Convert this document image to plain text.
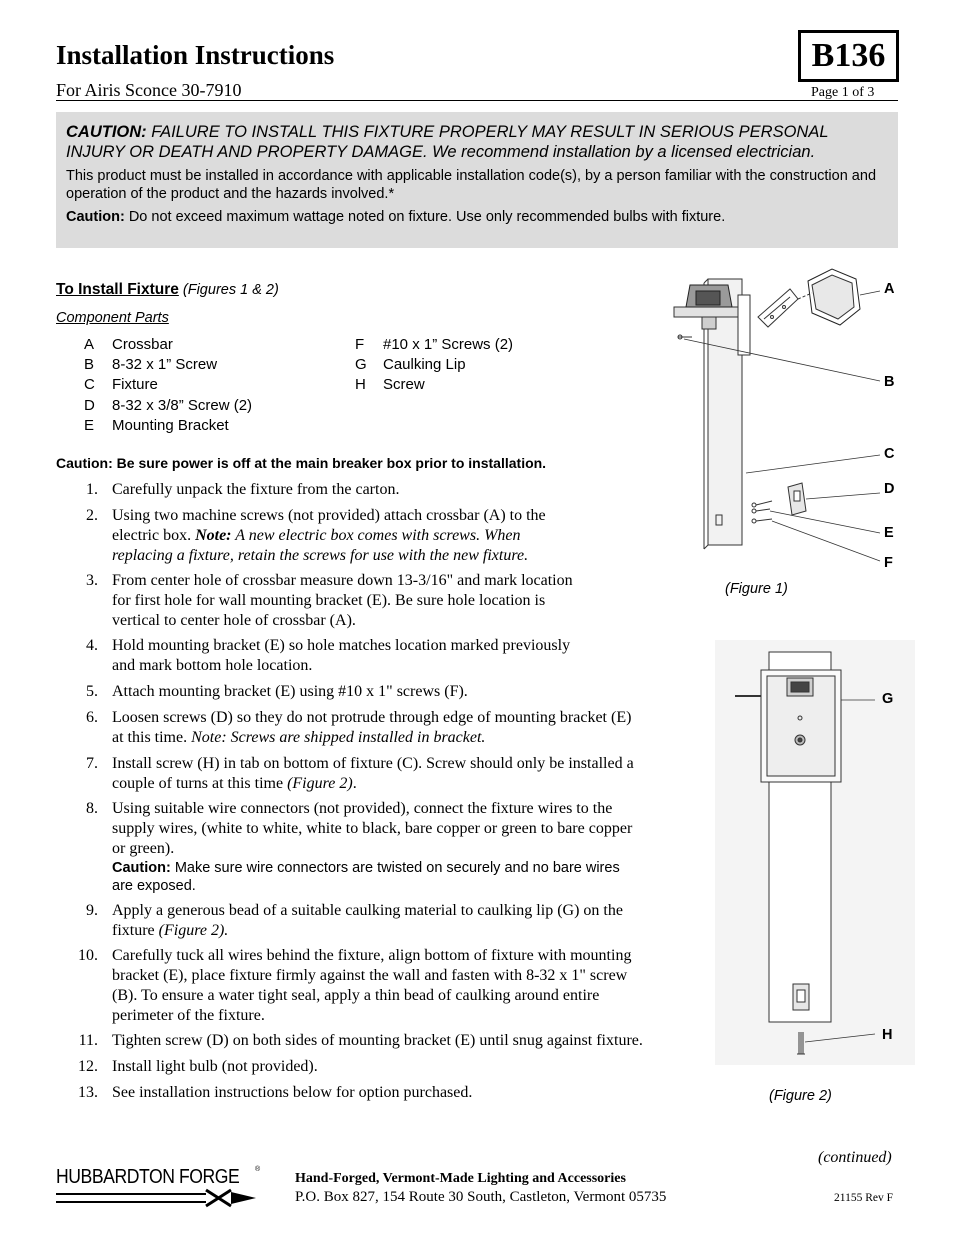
Installation Instructions	B136
For Airis Sconce 30-7910	Page 1 of 3
CAUTION: FAILURE TO INSTALL THIS FIXTURE PROPERLY MAY RESULT IN SERIOUS PERSONAL INJURY OR DEATH AND PROPERTY DAMAGE. We recommend installation by a licensed electrician.
This product must be installed in accordance with applicable installation code(s), by a person familiar with the construction and operation of the product and the hazards involved.*
Caution: Do not exceed maximum wattage noted on fixture. Use only recommended bulbs with fixture.
To Install Fixture (Figures 1 & 2)
Component Parts
A Crossbar
B 8-32 x 1” Screw
C Fixture
D 8-32 x 3/8” Screw (2)
E Mounting Bracket
F #10 x 1” Screws (2)
G Caulking Lip
H Screw
Caution: Be sure power is off at the main breaker box prior to installation.
1. Carefully unpack the fixture from the carton.
2. Using two machine screws (not provided) attach crossbar (A) to the
electric box. Note: A new electric box comes with screws. When
replacing a fixture, retain the screws for use with the new fixture.
3. From center hole of crossbar measure down 13-3/16" and mark location
for first hole for wall mounting bracket (E). Be sure hole location is
vertical to center hole of crossbar (A).
4. Hold mounting bracket (E) so hole matches location marked previously
and mark bottom hole location.
5. Attach mounting bracket (E) using #10 x 1" screws (F).
6. Loosen screws (D) so they do not protrude through edge of mounting bracket (E)
at this time. Note: Screws are shipped installed in bracket.
7. Install screw (H) in tab on bottom of fixture (C). Screw should only be installed a
couple of turns at this time (Figure 2).
8. Using suitable wire connectors (not provided), connect the fixture wires to the
supply wires, (white to white, white to black, bare copper or green to bare copper
or green).
Caution: Make sure wire connectors are twisted on securely and no bare wires
are exposed.
9. Apply a generous bead of a suitable caulking material to caulking lip (G) on the
fixture (Figure 2).
10. Carefully tuck all wires behind the fixture, align bottom of fixture with mounting
bracket (E), place fixture firmly against the wall and fasten with 8-32 x 1" screw
(B). To ensure a water tight seal, apply a thin bead of caulking around entire
perimeter of the fixture.
11. Tighten screw (D) on both sides of mounting bracket (E) until snug against fixture.
12. Install light bulb (not provided).
13. See installation instructions below for option purchased.
A
B
C
D
E
F
(Figure 1)
G
H
(Figure 2)
(continued)
HUBBARDTON FORGE ®
Hand-Forged, Vermont-Made Lighting and Accessories
P.O. Box 827, 154 Route 30 South, Castleton, Vermont 05735	21155 Rev F
